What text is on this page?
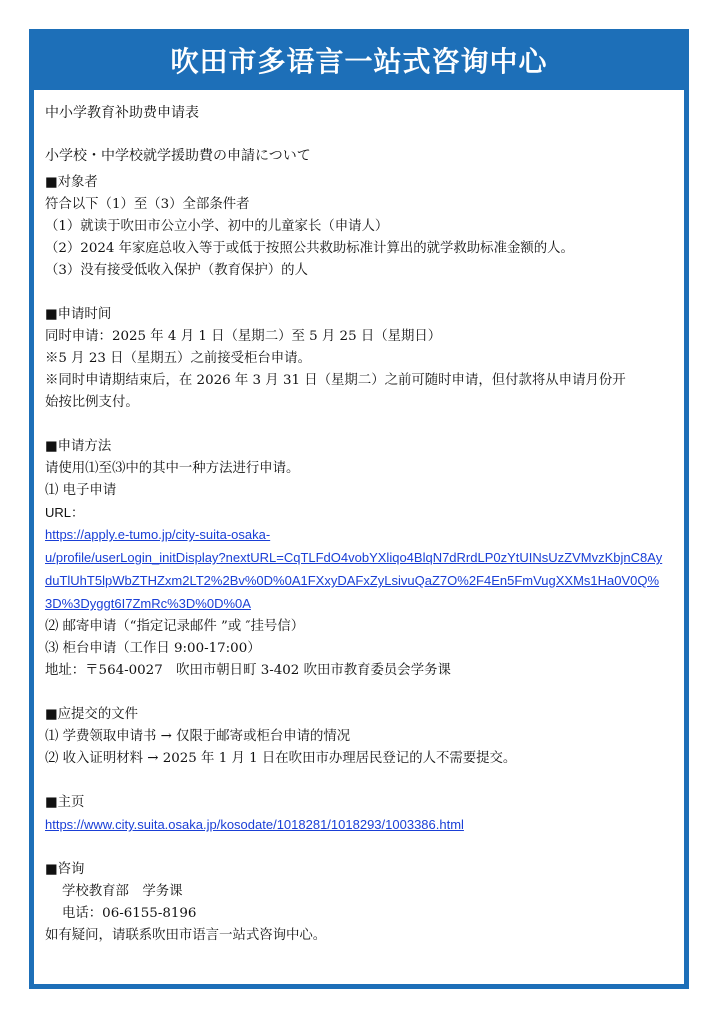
吹田市多语言一站式咨询中心
中小学教育补助费申请表
小学校・中学校就学援助費の申請について
■对象者
符合以下（1）至（3）全部条件者
（1）就读于吹田市公立小学、初中的儿童家长（申请人）
（2）2024 年家庭总收入等于或低于按照公共救助标准计算出的就学救助标准金额的人。
（3）没有接受低收入保护（教育保护）的人
■申请时间
同时申请：2025 年 4 月 1 日（星期二）至 5 月 25 日（星期日）
※5 月 23 日（星期五）之前接受柜台申请。
※同时申请期结束后，在 2026 年 3 月 31 日（星期二）之前可随时申请，但付款将从申请月份开
始按比例支付。
■申请方法
请使用⑴至⑶中的其中一种方法进行申请。
⑴ 电子申请
URL：
https://apply.e-tumo.jp/city-suita-osaka-
u/profile/userLogin_initDisplay?nextURL=CqTLFdO4vobYXliqo4BlqN7dRrdLP0zYtUINsUzZVMvzKbjnC8Ay
duTlUhT5lpWbZTHZxm2LT2%2Bv%0D%0A1FXxyDAFxZyLsivuQaZ7O%2F4En5FmVugXXMs1Ha0V0Q%
3D%3Dyggt6I7ZmRc%3D%0D%0A
⑵ 邮寄申请（“指定记录邮件 ”或 ″挂号信）
⑶ 柜台申请（工作日 9:00-17:00）
地址：〒564-0027　吹田市朝日町 3-402 吹田市教育委员会学务课
■应提交的文件
⑴ 学费领取申请书 → 仅限于邮寄或柜台申请的情况
⑵ 收入证明材料 → 2025 年 1 月 1 日在吹田市办理居民登记的人不需要提交。
■主页
https://www.city.suita.osaka.jp/kosodate/1018281/1018293/1003386.html
■咨询
学校教育部　学务课
电话：06-6155-8196
如有疑问，请联系吹田市语言一站式咨询中心。
